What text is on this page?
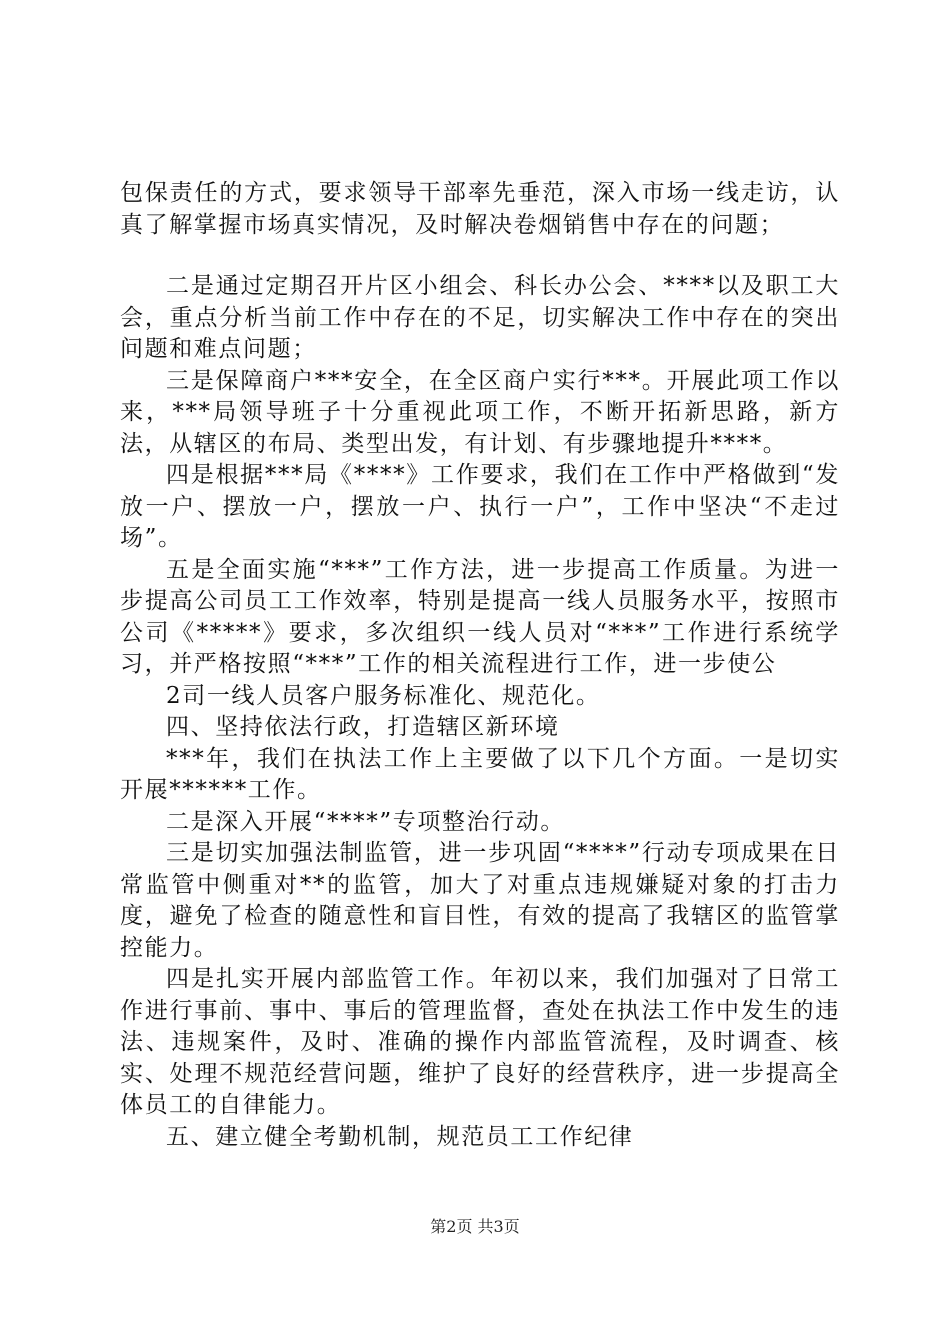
包保责任的方式，要求领导干部率先垂范，深入市场一线走访，认真了解掌握市场真实情况，及时解决卷烟销售中存在的问题；

二是通过定期召开片区小组会、科长办公会、****以及职工大会，重点分析当前工作中存在的不足，切实解决工作中存在的突出问题和难点问题；

三是保障商户***安全，在全区商户实行***。开展此项工作以来，***局领导班子十分重视此项工作，不断开拓新思路，新方法，从辖区的布局、类型出发，有计划、有步骤地提升****。

四是根据***局《****》工作要求，我们在工作中严格做到“发放一户、摆放一户，摆放一户、执行一户”，工作中坚决“不走过场”。

五是全面实施“***”工作方法，进一步提高工作质量。为进一步提高公司员工工作效率，特别是提高一线人员服务水平，按照市公司《*****》要求，多次组织一线人员对“***”工作进行系统学习，并严格按照“***”工作的相关流程进行工作，进一步使公

2司一线人员客户服务标准化、规范化。

四、坚持依法行政，打造辖区新环境

***年，我们在执法工作上主要做了以下几个方面。一是切实开展******工作。

二是深入开展“****”专项整治行动。

三是切实加强法制监管，进一步巩固“****”行动专项成果在日常监管中侧重对**的监管，加大了对重点违规嫌疑对象的打击力度，避免了检查的随意性和盲目性，有效的提高了我辖区的监管掌控能力。

四是扎实开展内部监管工作。年初以来，我们加强对了日常工作进行事前、事中、事后的管理监督，查处在执法工作中发生的违法、违规案件，及时、准确的操作内部监管流程，及时调查、核实、处理不规范经营问题，维护了良好的经营秩序，进一步提高全体员工的自律能力。

五、建立健全考勤机制，规范员工工作纪律

第2页 共3页
